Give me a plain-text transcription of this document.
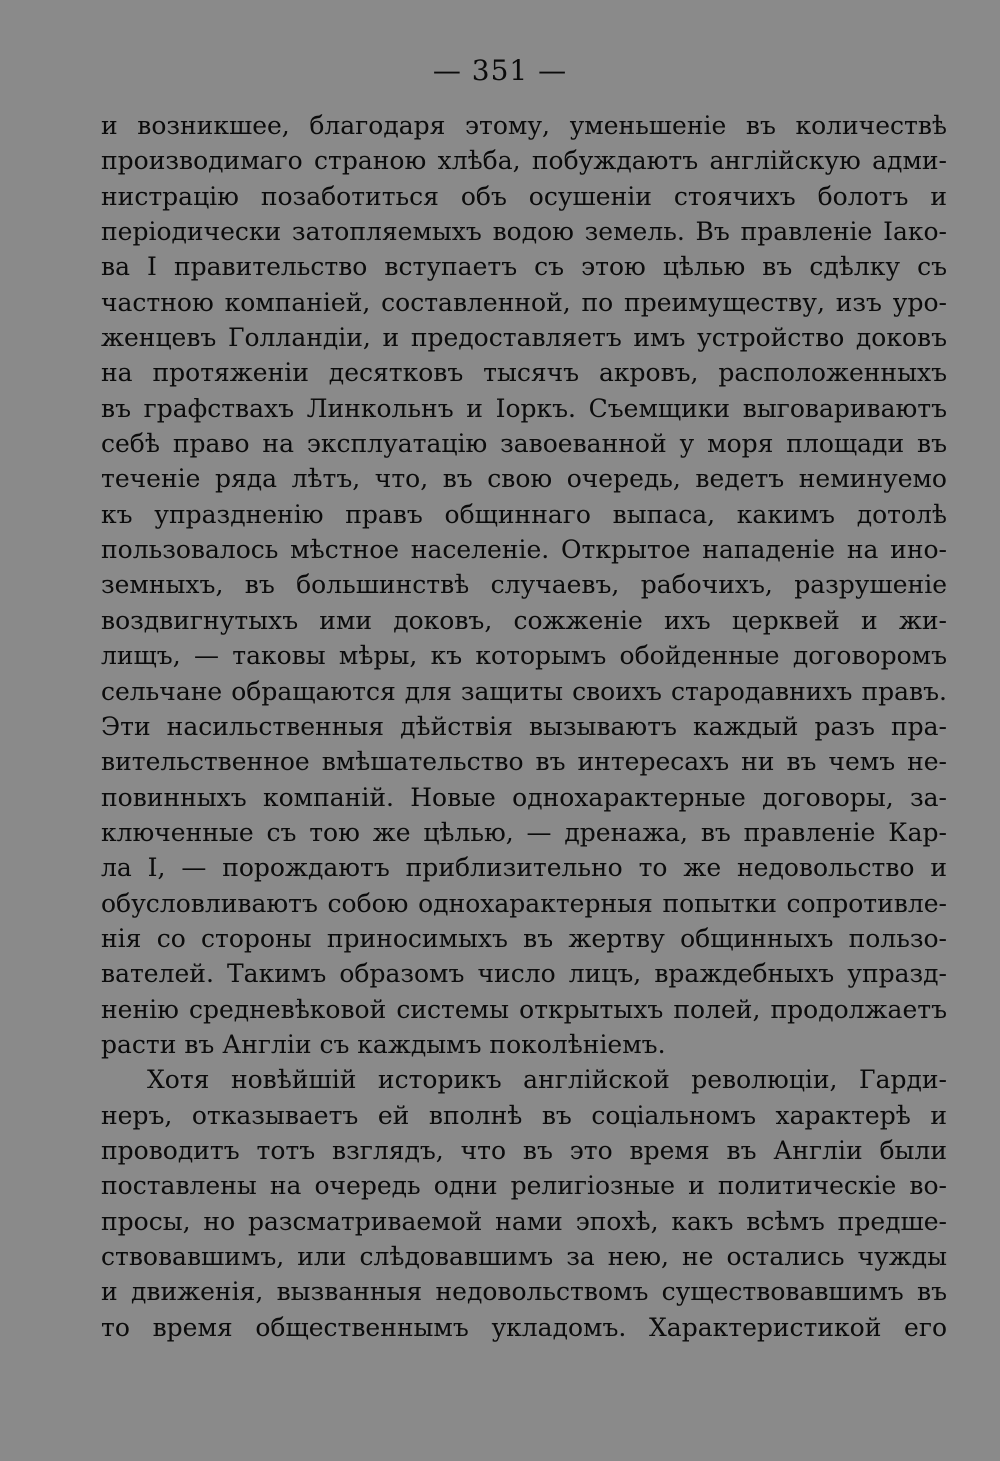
— 351 —
и возникшее, благодаря этому, уменьшеніе въ количествѣ
производимаго страною хлѣба, побуждаютъ англійскую адми-
нистрацію позаботиться объ осушеніи стоячихъ болотъ и
періодически затопляемыхъ водою земель. Въ правленіе Іако-
ва I правительство вступаетъ съ этою цѣлью въ сдѣлку съ
частною компаніей, составленной, по преимуществу, изъ уро-
женцевъ Голландіи, и предоставляетъ имъ устройство доковъ
на протяженіи десятковъ тысячъ акровъ, расположенныхъ
въ графствахъ Линкольнъ и Іоркъ. Съемщики выговариваютъ
себѣ право на эксплуатацію завоеванной у моря площади въ
теченіе ряда лѣтъ, что, въ свою очередь, ведетъ неминуемо
къ упраздненію правъ общиннаго выпаса, какимъ дотолѣ
пользовалось мѣстное населеніе. Открытое нападеніе на ино-
земныхъ, въ большинствѣ случаевъ, рабочихъ, разрушеніе
воздвигнутыхъ ими доковъ, сожженіе ихъ церквей и жи-
лищъ, — таковы мѣры, къ которымъ обойденные договоромъ
сельчане обращаются для защиты своихъ стародавнихъ правъ.
Эти насильственныя дѣйствія вызываютъ каждый разъ пра-
вительственное вмѣшательство въ интересахъ ни въ чемъ не-
повинныхъ компаній. Новые однохарактерные договоры, за-
ключенные съ тою же цѣлью, — дренажа, въ правленіе Кар-
ла I, — порождаютъ приблизительно то же недовольство и
обусловливаютъ собою однохарактерныя попытки сопротивле-
нія со стороны приносимыхъ въ жертву общинныхъ пользо-
вателей. Такимъ образомъ число лицъ, враждебныхъ упразд-
ненію средневѣковой системы открытыхъ полей, продолжаетъ
расти въ Англіи съ каждымъ поколѣніемъ.
Хотя новѣйшій историкъ англійской революціи, Гарди-
неръ, отказываетъ ей вполнѣ въ соціальномъ характерѣ и
проводитъ тотъ взглядъ, что въ это время въ Англіи были
поставлены на очередь одни религіозные и политическіе во-
просы, но разсматриваемой нами эпохѣ, какъ всѣмъ предше-
ствовавшимъ, или слѣдовавшимъ за нею, не остались чужды
и движенія, вызванныя недовольствомъ существовавшимъ въ
то время общественнымъ укладомъ. Характеристикой его
